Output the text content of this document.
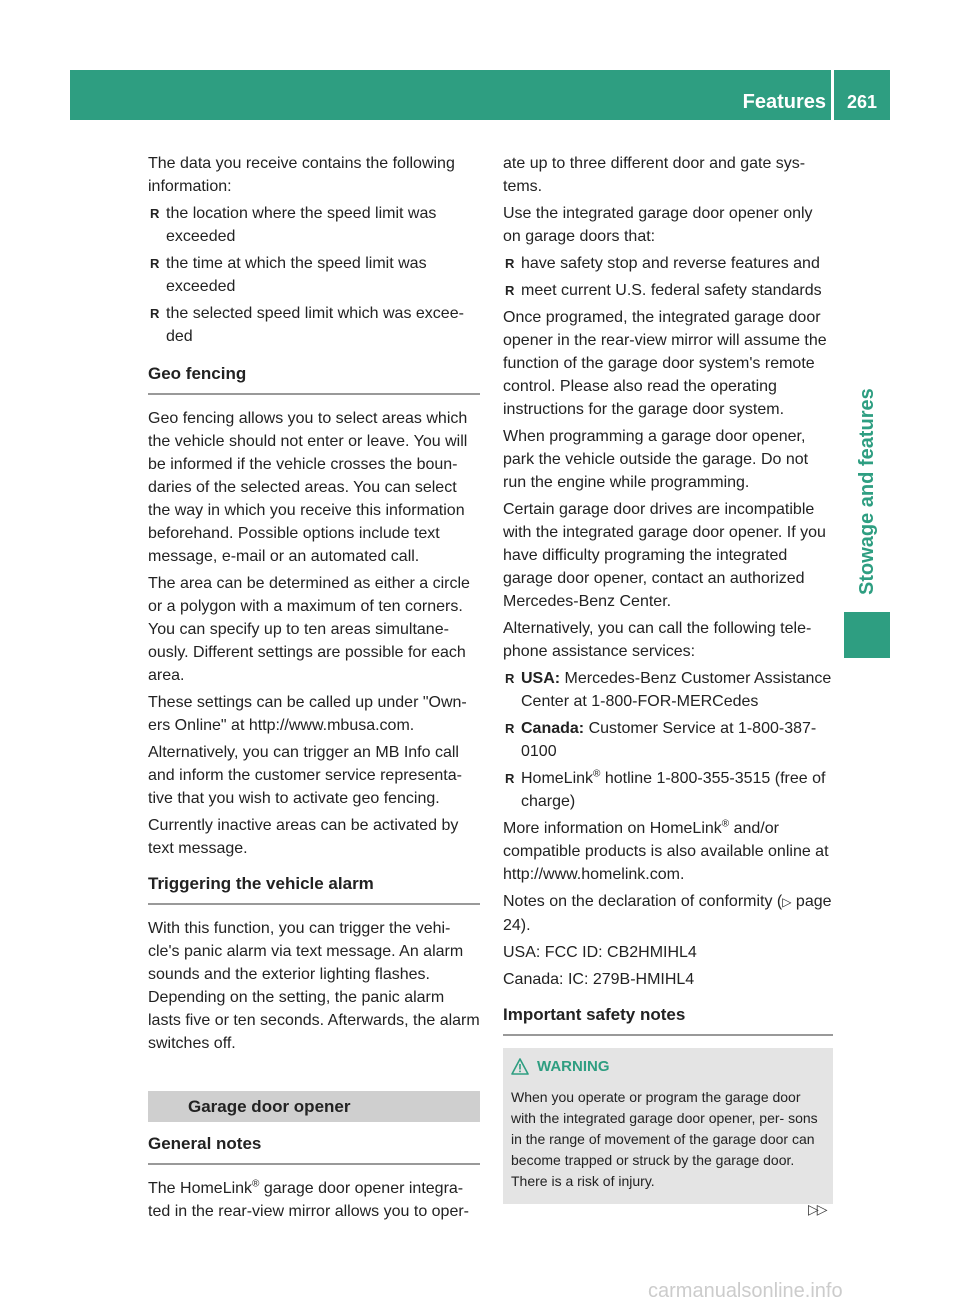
Features	261
Stowage and features

The data you receive contains the following information:

R the location where the speed limit was exceeded
R the time at which the speed limit was exceeded
R the selected speed limit which was excee- ded
Geo fencing

Geo fencing allows you to select areas which the vehicle should not enter or leave. You will be informed if the vehicle crosses the boun- daries of the selected areas. You can select the way in which you receive this information beforehand. Possible options include text message, e-mail or an automated call.

The area can be determined as either a circle or a polygon with a maximum of ten corners. You can specify up to ten areas simultane- ously. Different settings are possible for each area.

These settings can be called up under "Own- ers Online" at http://www.mbusa.com.

Alternatively, you can trigger an MB Info call and inform the customer service representa- tive that you wish to activate geo fencing.

Currently inactive areas can be activated by text message.

Triggering the vehicle alarm

With this function, you can trigger the vehi- cle's panic alarm via text message. An alarm sounds and the exterior lighting flashes. Depending on the setting, the panic alarm lasts five or ten seconds. Afterwards, the alarm switches off.

Garage door opener
General notes

The HomeLink® garage door opener integra- ted in the rear-view mirror allows you to oper-

ate up to three different door and gate sys- tems.

Use the integrated garage door opener only on garage doors that:

R have safety stop and reverse features and
R meet current U.S. federal safety standards

Once programed, the integrated garage door opener in the rear-view mirror will assume the function of the garage door system's remote control. Please also read the operating instructions for the garage door system.

When programming a garage door opener, park the vehicle outside the garage. Do not run the engine while programming.

Certain garage door drives are incompatible with the integrated garage door opener. If you have difficulty programing the integrated garage door opener, contact an authorized Mercedes-Benz Center.

Alternatively, you can call the following tele- phone assistance services:

R USA: Mercedes-Benz Customer Assistance Center at 1-800-FOR-MERCedes
R Canada: Customer Service at 1-800-387-0100
R HomeLink® hotline 1-800-355-3515 (free of charge)

More information on HomeLink® and/or compatible products is also available online at http://www.homelink.com.

Notes on the declaration of conformity (▷ page 24).

USA: FCC ID: CB2HMIHL4

Canada: IC: 279B-HMIHL4

Important safety notes
WARNING
When you operate or program the garage door with the integrated garage door opener, per- sons in the range of movement of the garage door can become trapped or struck by the garage door. There is a risk of injury.
▷▷
carmanualsonline.info
